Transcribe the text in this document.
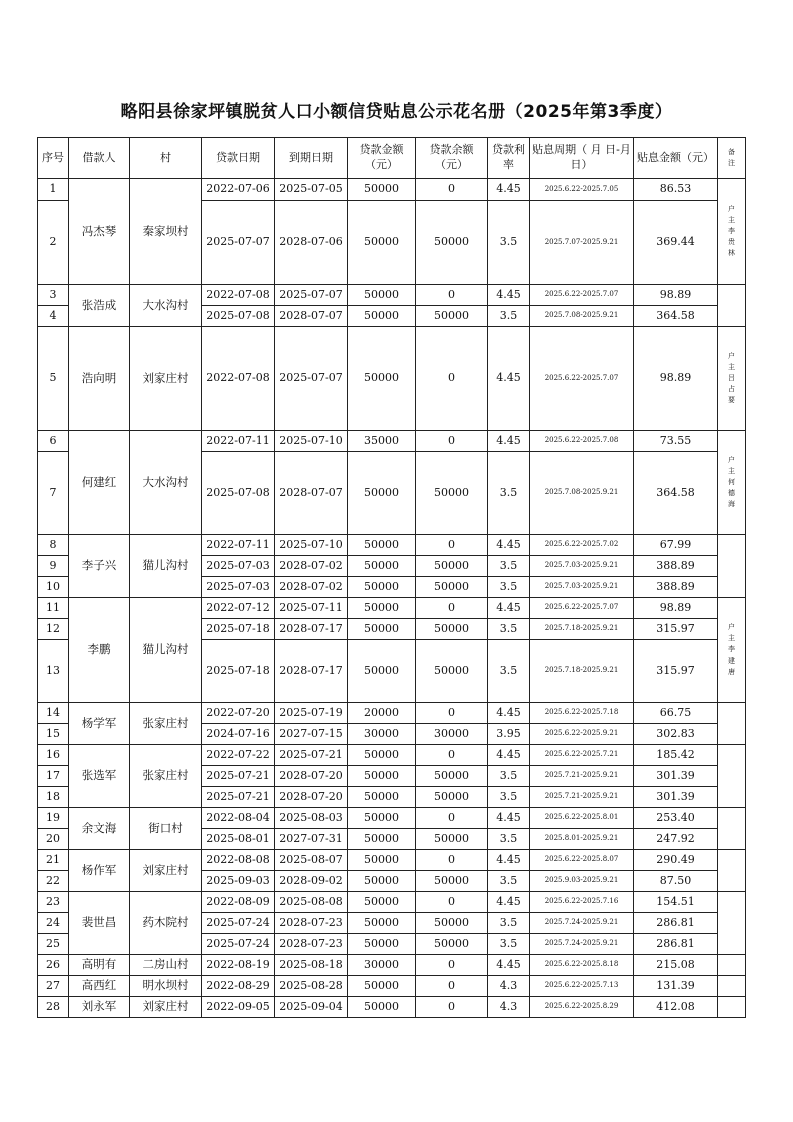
略阳县徐家坪镇脱贫人口小额信贷贴息公示花名册（2025年第3季度）
序号	借款人	村	贷款日期	到期日期	贷款金额（元）	贷款余额（元）	贷款利率	贴息周期（ 月 日-月 日）	贴息金额（元）	备注

1	冯杰琴	秦家坝村	2022-07-06	2025-07-05	50000	0	4.45	2025.6.22-2025.7.05	86.53	户主李贵林

2			2025-07-07	2028-07-06	50000	50000	3.5	2025.7.07-2025.9.21	369.44	
3	张浩成	大水沟村	2022-07-08	2025-07-07	50000	0	4.45	2025.6.22-2025.7.07	98.89	

4			2025-07-08	2028-07-07	50000	50000	3.5	2025.7.08-2025.9.21	364.58	
5	浩向明	刘家庄村	2022-07-08	2025-07-07	50000	0	4.45	2025.6.22-2025.7.07	98.89	户主吕占要

6	何建红	大水沟村	2022-07-11	2025-07-10	35000	0	4.45	2025.6.22-2025.7.08	73.55	户主何德海

7			2025-07-08	2028-07-07	50000	50000	3.5	2025.7.08-2025.9.21	364.58	
8	李子兴	猫儿沟村	2022-07-11	2025-07-10	50000	0	4.45	2025.6.22-2025.7.02	67.99	

9			2025-07-03	2028-07-02	50000	50000	3.5	2025.7.03-2025.9.21	388.89	
10			2025-07-03	2028-07-02	50000	50000	3.5	2025.7.03-2025.9.21	388.89	
11	李鹏	猫儿沟村	2022-07-12	2025-07-11	50000	0	4.45	2025.6.22-2025.7.07	98.89	户主李建唐

12			2025-07-18	2028-07-17	50000	50000	3.5	2025.7.18-2025.9.21	315.97	
13			2025-07-18	2028-07-17	50000	50000	3.5	2025.7.18-2025.9.21	315.97	
14	杨学军	张家庄村	2022-07-20	2025-07-19	20000	0	4.45	2025.6.22-2025.7.18	66.75	

15			2024-07-16	2027-07-15	30000	30000	3.95	2025.6.22-2025.9.21	302.83	
16	张选军	张家庄村	2022-07-22	2025-07-21	50000	0	4.45	2025.6.22-2025.7.21	185.42	

17			2025-07-21	2028-07-20	50000	50000	3.5	2025.7.21-2025.9.21	301.39	
18			2025-07-21	2028-07-20	50000	50000	3.5	2025.7.21-2025.9.21	301.39	
19	余文海	街口村	2022-08-04	2025-08-03	50000	0	4.45	2025.6.22-2025.8.01	253.40	

20			2025-08-01	2027-07-31	50000	50000	3.5	2025.8.01-2025.9.21	247.92	
21	杨作军	刘家庄村	2022-08-08	2025-08-07	50000	0	4.45	2025.6.22-2025.8.07	290.49	

22			2025-09-03	2028-09-02	50000	50000	3.5	2025.9.03-2025.9.21	87.50	
23	裴世昌	药木院村	2022-08-09	2025-08-08	50000	0	4.45	2025.6.22-2025.7.16	154.51	

24			2025-07-24	2028-07-23	50000	50000	3.5	2025.7.24-2025.9.21	286.81	
25			2025-07-24	2028-07-23	50000	50000	3.5	2025.7.24-2025.9.21	286.81	
26	高明有	二房山村	2022-08-19	2025-08-18	30000	0	4.45	2025.6.22-2025.8.18	215.08	

27	高西红	明水坝村	2022-08-29	2025-08-28	50000	0	4.3	2025.6.22-2025.7.13	131.39	

28	刘永军	刘家庄村	2022-09-05	2025-09-04	50000	0	4.3	2025.6.22-2025.8.29	412.08	
